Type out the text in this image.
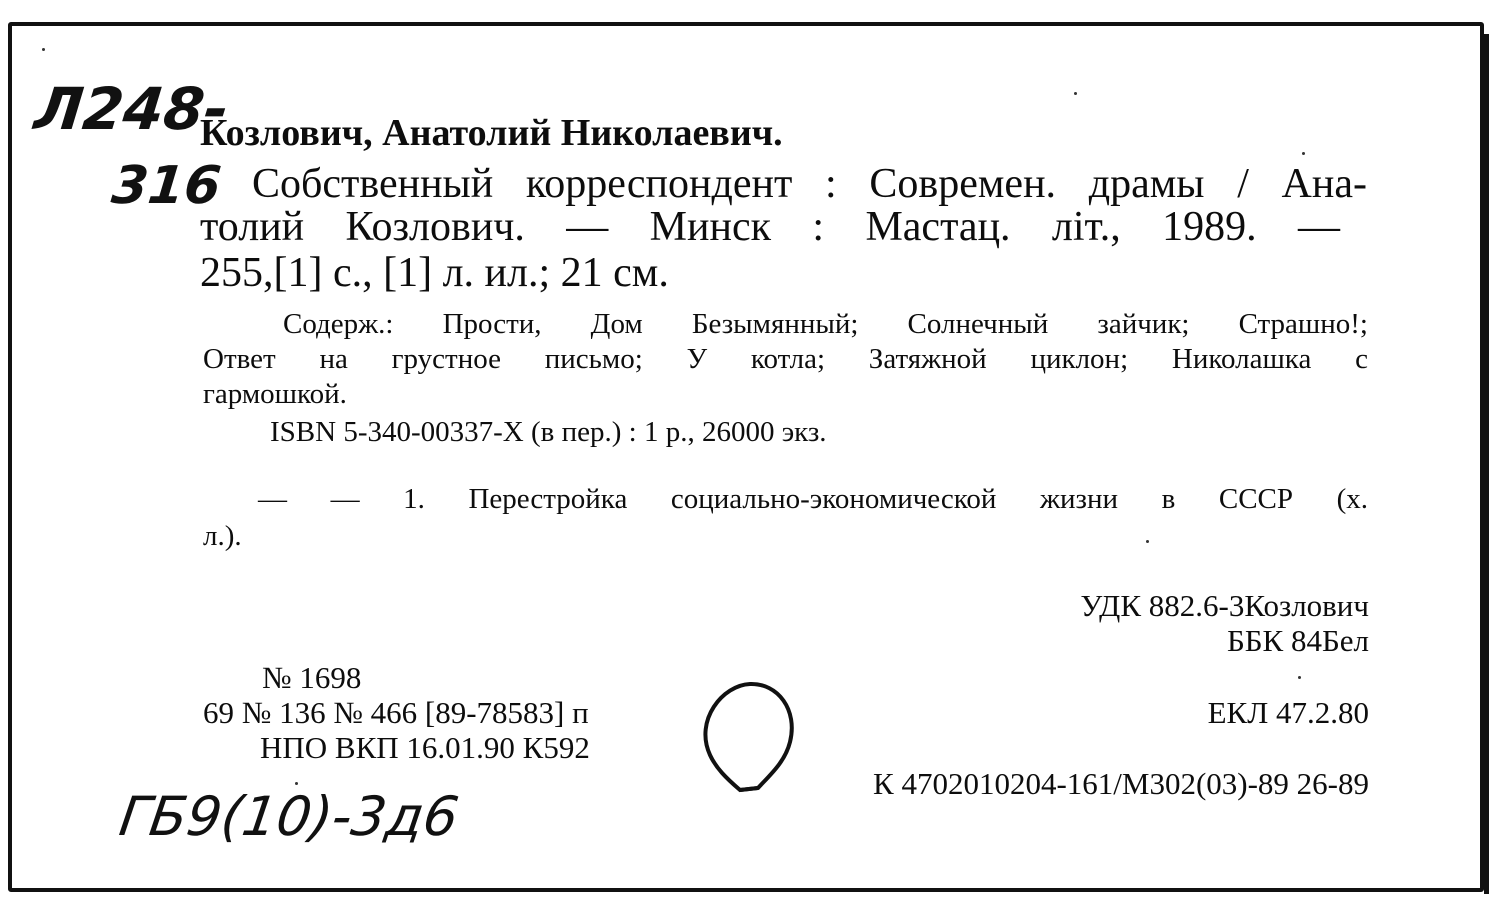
Л248-
316
Козлович, Анатолий Николаевич.
Собственный корреспондент : Современ. драмы / Ана-
толий Козлович. — Минск : Мастац. літ., 1989. —
255,[1] с., [1] л. ил.; 21 см.
Содерж.: Прости, Дом Безымянный; Солнечный зайчик; Страшно!;
Ответ на грустное письмо; У котла; Затяжной циклон; Николашка с
гармошкой.
ISBN 5-340-00337-X (в пер.) : 1 р., 26000 экз.
— — 1. Перестройка социально-экономической жизни в СССР (х.
л.).
УДК 882.6-3Козлович
ББК 84Бел
№ 1698
69 № 136 № 466 [89-78583] п
НПО ВКП 16.01.90 К592
ЕКЛ 47.2.80
К 4702010204-161/М302(03)-89 26-89
ГБ9(10)-3д6
